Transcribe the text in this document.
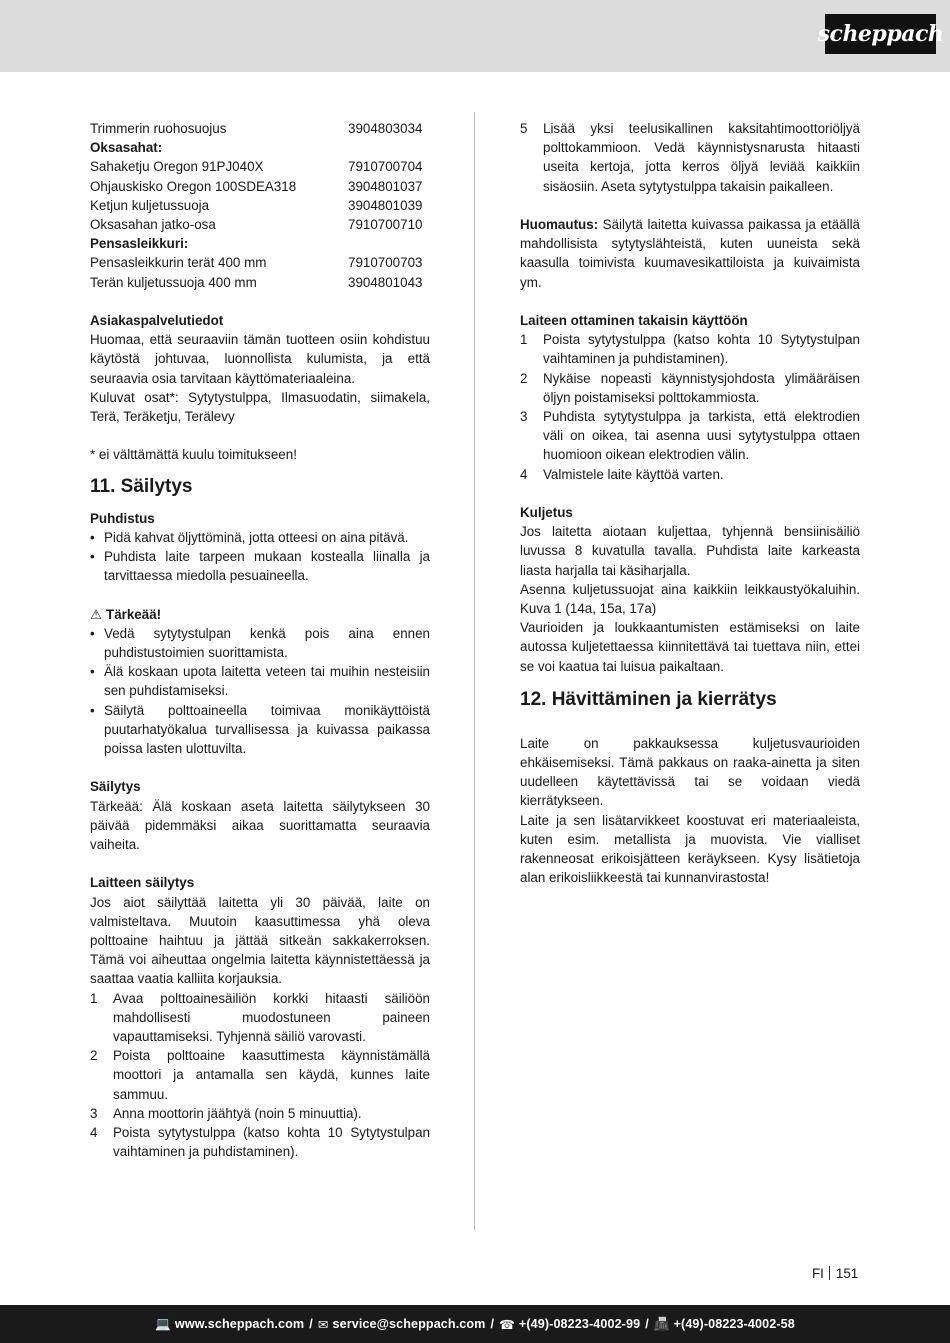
scheppach
Trimmerin ruohosuojus	3904803034
Oksasahat:
Sahaketju Oregon 91PJ040X	7910700704
Ohjauskisko Oregon 100SDEA318	3904801037
Ketjun kuljetussuoja	3904801039
Oksasahan jatko-osa	7910700710
Pensasleikkuri:
Pensasleikkurin terät 400 mm	7910700703
Terän kuljetussuoja 400 mm	3904801043
Asiakaspalvelutiedot
Huomaa, että seuraaviin tämän tuotteen osiin kohdistuu käytöstä johtuvaa, luonnollista kulumista, ja että seuraavia osia tarvitaan käyttömateriaaleina.
Kuluvat osat*: Sytytystulppa, Ilmasuodatin, siimakela, Terä, Teräketju, Terälevy
* ei välttämättä kuulu toimitukseen!
11. Säilytys
Puhdistus
• Pidä kahvat öljyttöminä, jotta otteesi on aina pitävä.
• Puhdista laite tarpeen mukaan kostealla liinalla ja tarvittaessa miedolla pesuaineella.
⚠ Tärkeää!
• Vedä sytytystulpan kenkä pois aina ennen puhdistustoimien suorittamista.
• Älä koskaan upota laitetta veteen tai muihin nesteisiin sen puhdistamiseksi.
• Säilytä polttoaineella toimivaa monikäyttöistä puutarhatyökalua turvallisessa ja kuivassa paikassa poissa lasten ulottuvilta.
Säilytys
Tärkeää: Älä koskaan aseta laitetta säilytykseen 30 päivää pidemmäksi aikaa suorittamatta seuraavia vaiheita.
Laitteen säilytys
Jos aiot säilyttää laitetta yli 30 päivää, laite on valmisteltava. Muutoin kaasuttimessa yhä oleva polttoaine haihtuu ja jättää sitkeän sakkakerroksen. Tämä voi aiheuttaa ongelmia laitetta käynnistettäessä ja saattaa vaatia kalliita korjauksia.
1	Avaa polttoainesäiliön korkki hitaasti säiliöön mahdollisesti muodostuneen paineen vapauttamiseksi. Tyhjennä säiliö varovasti.
2	Poista polttoaine kaasuttimesta käynnistämällä moottori ja antamalla sen käydä, kunnes laite sammuu.
3	Anna moottorin jäähtyä (noin 5 minuuttia).
4	Poista sytytystulppa (katso kohta 10 Sytytystulpan vaihtaminen ja puhdistaminen).
5	Lisää yksi teelusikallinen kaksitahtimoottoriöljyä polttokammioon. Vedä käynnistysnarusta hitaasti useita kertoja, jotta kerros öljyä leviää kaikkiin sisäosiin. Aseta sytytystulppa takaisin paikalleen.
Huomautus: Säilytä laitetta kuivassa paikassa ja etäällä mahdollisista sytytyslähteistä, kuten uuneista sekä kaasulla toimivista kuumavesikattiloista ja kuivaimista ym.
Laiteen ottaminen takaisin käyttöön
1	Poista sytytystulppa (katso kohta 10 Sytytystulpan vaihtaminen ja puhdistaminen).
2	Nykäise nopeasti käynnistysjohdosta ylimääräisen öljyn poistamiseksi polttokammiosta.
3	Puhdista sytytystulppa ja tarkista, että elektrodien väli on oikea, tai asenna uusi sytytystulppa ottaen huomioon oikean elektrodien välin.
4	Valmistele laite käyttöä varten.
Kuljetus
Jos laitetta aiotaan kuljettaa, tyhjennä bensiinisäiliö luvussa 8 kuvatulla tavalla. Puhdista laite karkeasta liasta harjalla tai käsiharjalla.
Asenna kuljetussuojat aina kaikkiin leikkaustyökaluihin. Kuva 1 (14a, 15a, 17a)
Vaurioiden ja loukkaantumisten estämiseksi on laite autossa kuljetettaessa kiinnitettävä tai tuettava niin, ettei se voi kaatua tai luisua paikaltaan.
12. Hävittäminen ja kierrätys
Laite on pakkauksessa kuljetusvaurioiden ehkäisemiseksi. Tämä pakkaus on raaka-ainetta ja siten uudelleen käytettävissä tai se voidaan viedä kierrätykseen.
Laite ja sen lisätarvikkeet koostuvat eri materiaaleista, kuten esim. metallista ja muovista. Vie vialliset rakenneosat erikoisjätteen keräykseen. Kysy lisätietoja alan erikoisliikkeestä tai kunnanvirastosta!
FI 151
💻 www.scheppach.com / ✉ service@scheppach.com / ☎ +(49)-08223-4002-99 / 📠 +(49)-08223-4002-58
